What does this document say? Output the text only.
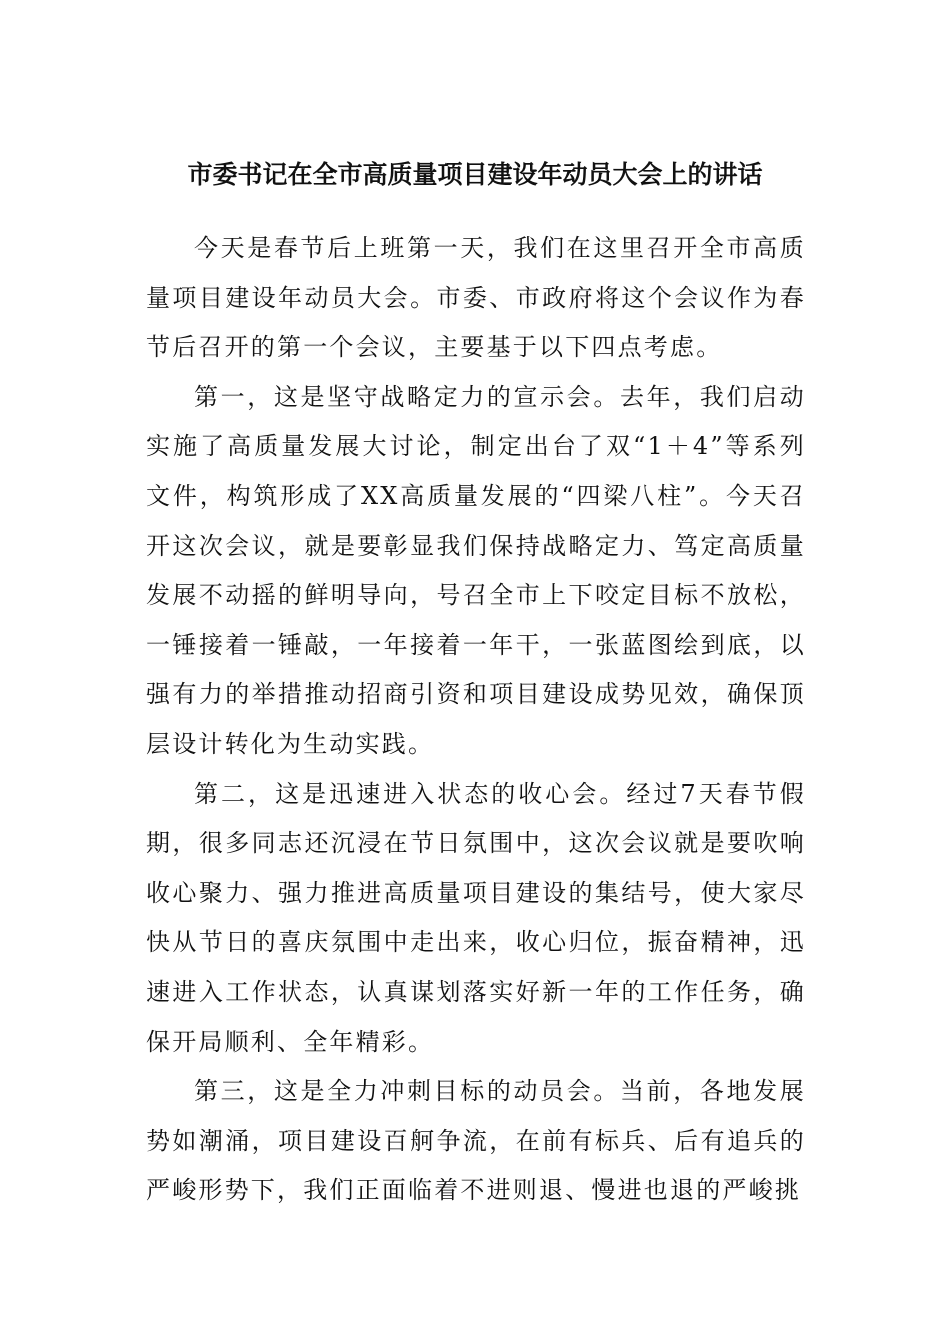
市委书记在全市高质量项目建设年动员大会上的讲话

今天是春节后上班第一天，我们在这里召开全市高质量项目建设年动员大会。市委、市政府将这个会议作为春节后召开的第一个会议，主要基于以下四点考虑。

第一，这是坚守战略定力的宣示会。去年，我们启动实施了高质量发展大讨论，制定出台了双“1＋4”等系列文件，构筑形成了XX高质量发展的“四梁八柱”。今天召开这次会议，就是要彰显我们保持战略定力、笃定高质量发展不动摇的鲜明导向，号召全市上下咬定目标不放松，一锤接着一锤敲，一年接着一年干，一张蓝图绘到底，以强有力的举措推动招商引资和项目建设成势见效，确保顶层设计转化为生动实践。

第二，这是迅速进入状态的收心会。经过7天春节假期，很多同志还沉浸在节日氛围中，这次会议就是要吹响收心聚力、强力推进高质量项目建设的集结号，使大家尽快从节日的喜庆氛围中走出来，收心归位，振奋精神，迅速进入工作状态，认真谋划落实好新一年的工作任务，确保开局顺利、全年精彩。

第三，这是全力冲刺目标的动员会。当前，各地发展势如潮涌，项目建设百舸争流，在前有标兵、后有追兵的严峻形势下，我们正面临着不进则退、慢进也退的严峻挑
